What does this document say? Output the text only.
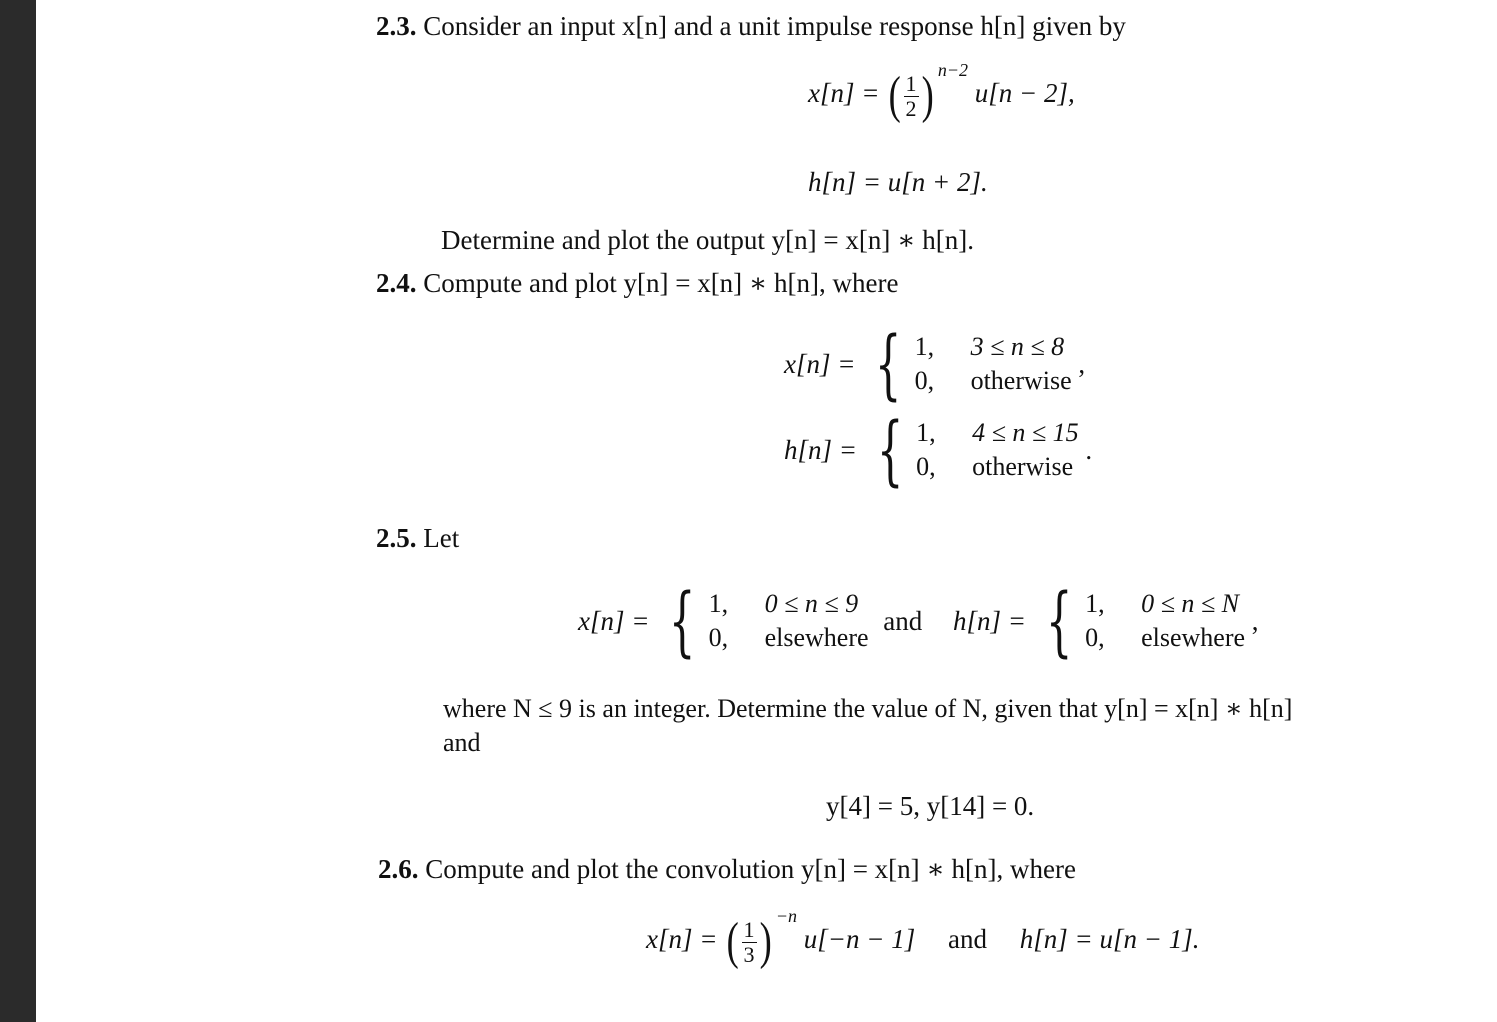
2.3. Consider an input x[n] and a unit impulse response h[n] given by
x[n] = ( $\frac{1}{2}$ ) $^{n-2}$ u[n − 2],
h[n] = u[n + 2].
Determine and plot the output y[n] = x[n] ∗ h[n].
2.4. Compute and plot y[n] = x[n] ∗ h[n], where
x[n] = { 1, 3 ≤ n ≤ 8
0, otherwise
,
h[n] = { 1, 4 ≤ n ≤ 15
0, otherwise
.
2.5. Let
x[n] = { 1, 0 ≤ n ≤ 9
0, elsewhere
and h[n] = { 1, 0 ≤ n ≤ N
0, elsewhere
,
where N ≤ 9 is an integer. Determine the value of N, given that y[n] = x[n] ∗ h[n]
and
y[4] = 5, y[14] = 0.
2.6. Compute and plot the convolution y[n] = x[n] ∗ h[n], where
x[n] = ( $\frac{1}{3}$ ) $^{-n}$ u[−n − 1] and h[n] = u[n − 1].
